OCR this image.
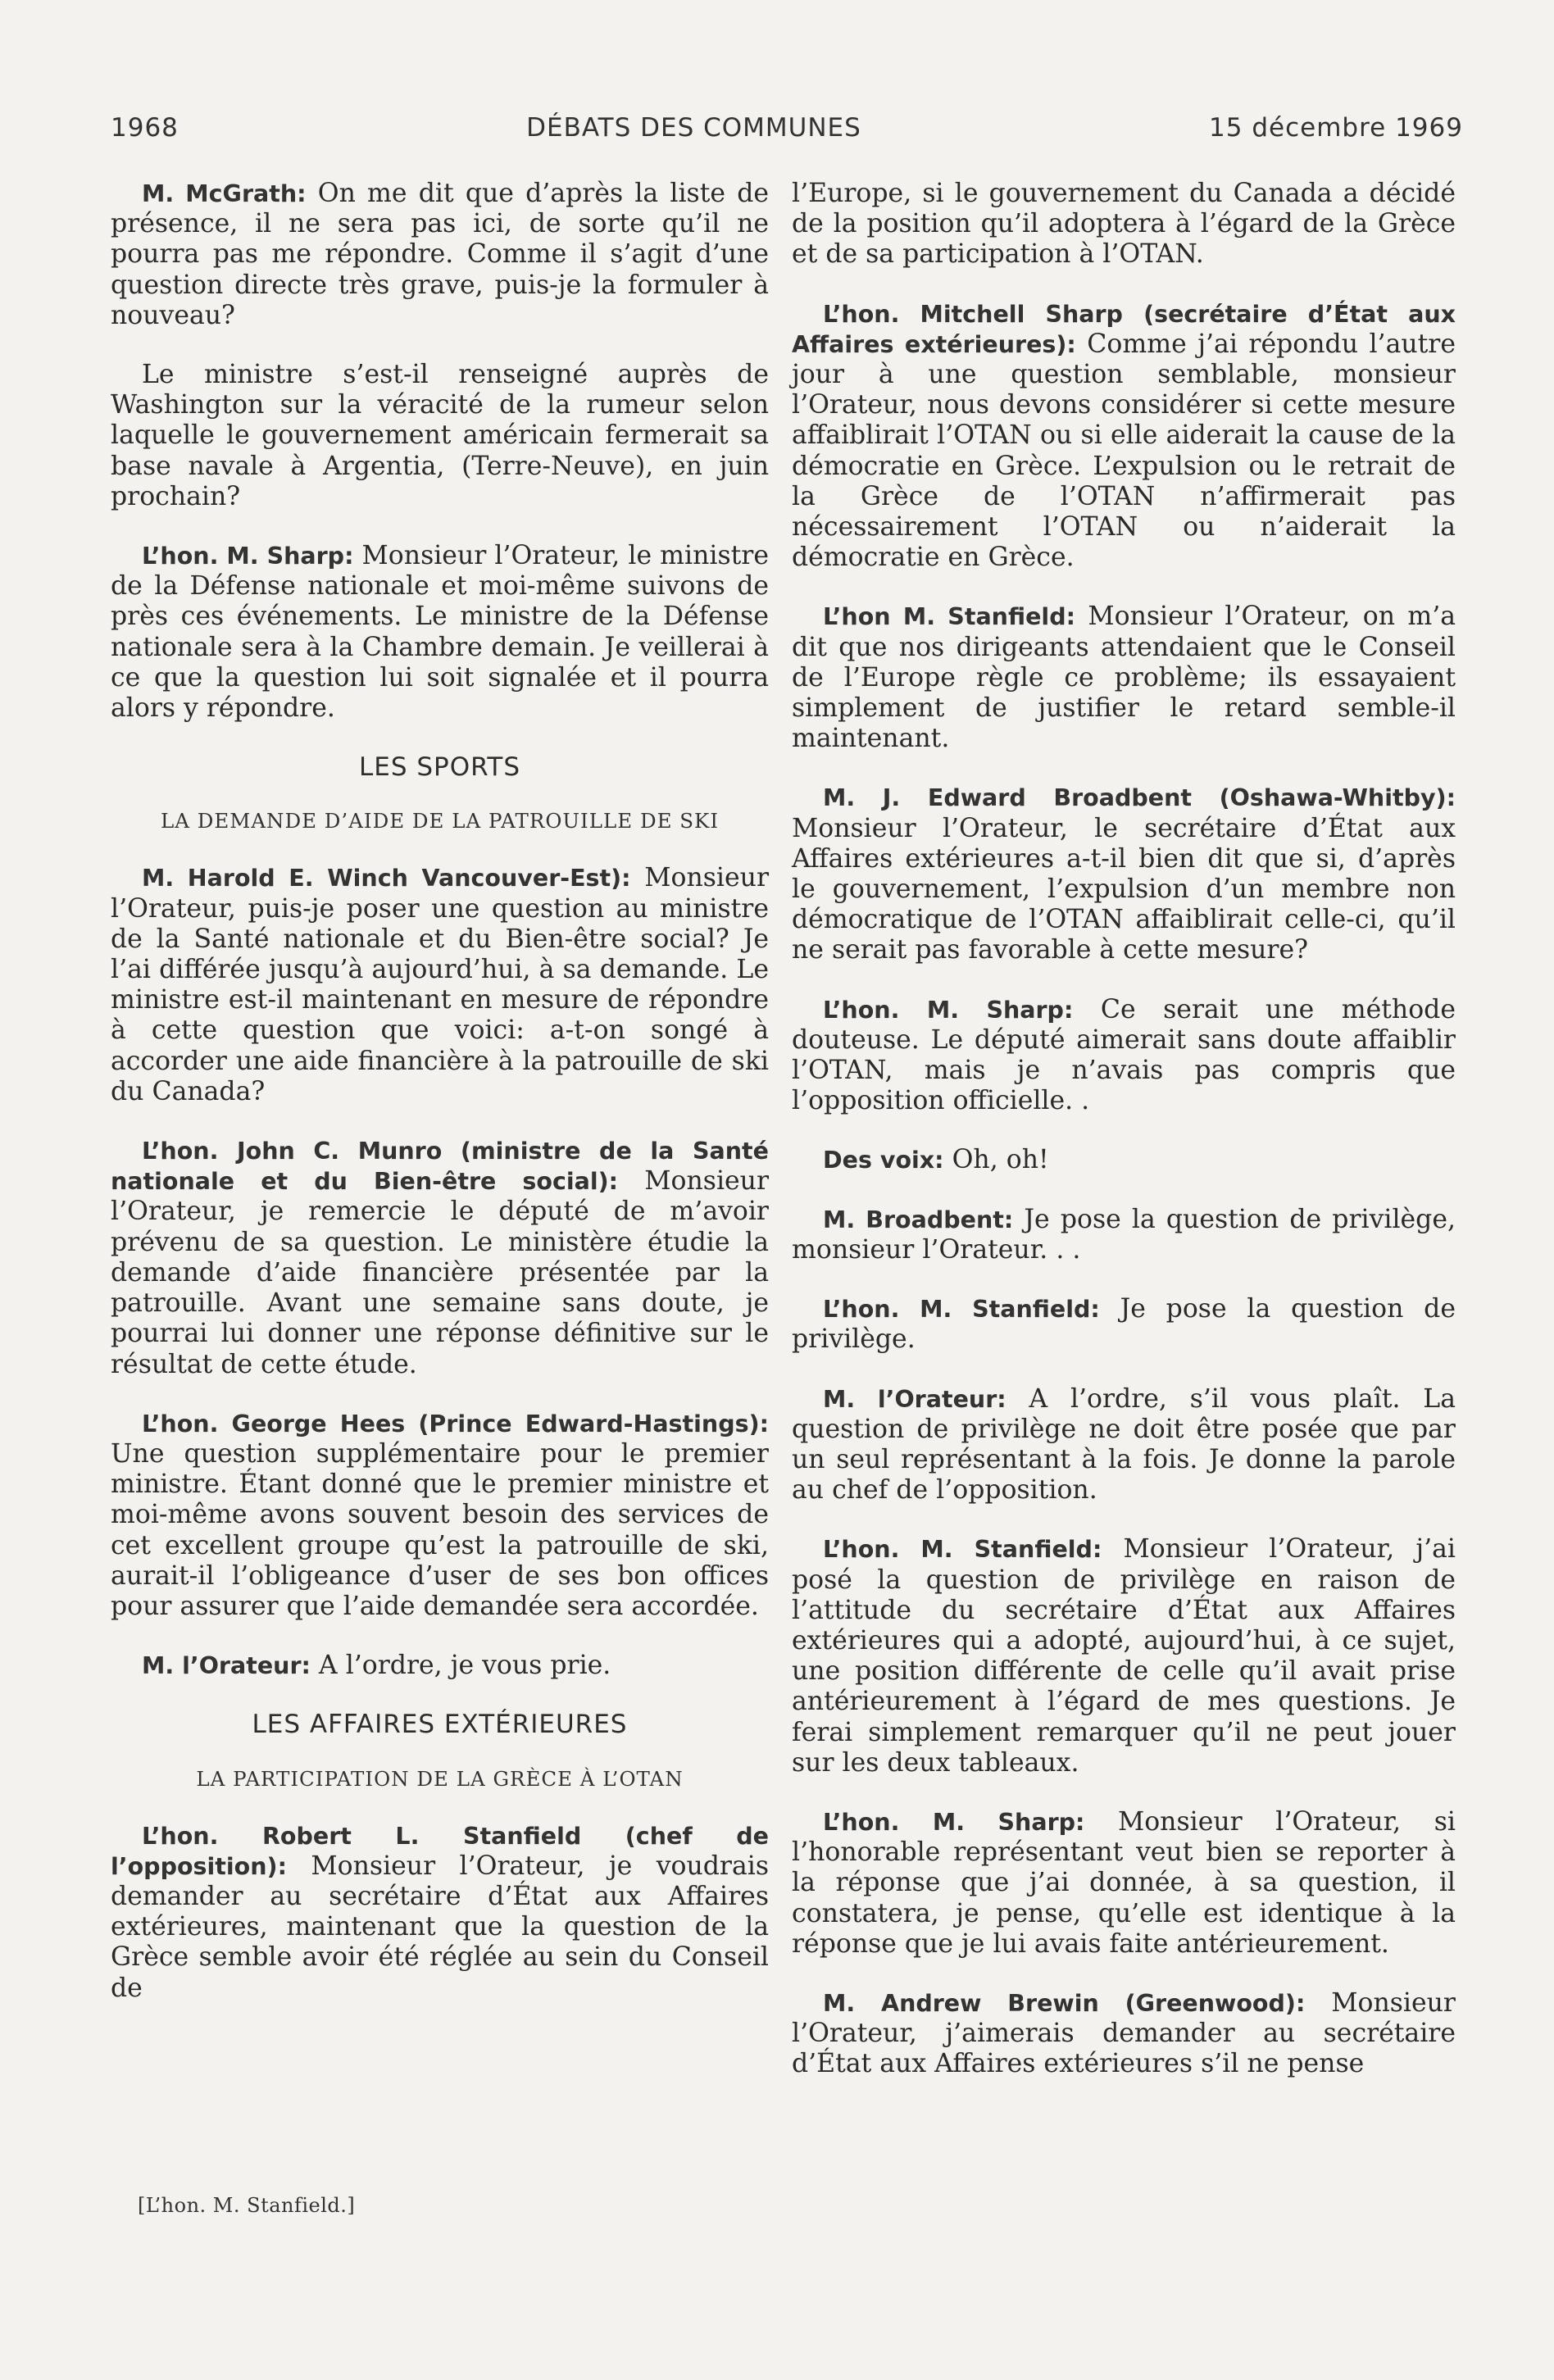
1968	DÉBATS DES COMMUNES	15 décembre 1969

M. McGrath: On me dit que d’après la liste de présence, il ne sera pas ici, de sorte qu’il ne pourra pas me répondre. Comme il s’agit d’une question directe très grave, puis-je la formuler à nouveau?

Le ministre s’est-il renseigné auprès de Washington sur la véracité de la rumeur selon laquelle le gouvernement américain fermerait sa base navale à Argentia, (Terre-Neuve), en juin prochain?

L’hon. M. Sharp: Monsieur l’Orateur, le ministre de la Défense nationale et moi-même suivons de près ces événements. Le ministre de la Défense nationale sera à la Chambre demain. Je veillerai à ce que la question lui soit signalée et il pourra alors y répondre.

LES SPORTS
LA DEMANDE D’AIDE DE LA PATROUILLE DE SKI

M. Harold E. Winch Vancouver-Est): Monsieur l’Orateur, puis-je poser une question au ministre de la Santé nationale et du Bien-être social? Je l’ai différée jusqu’à aujourd’hui, à sa demande. Le ministre est-il maintenant en mesure de répondre à cette question que voici: a-t-on songé à accorder une aide financière à la patrouille de ski du Canada?

L’hon. John C. Munro (ministre de la Santé nationale et du Bien-être social): Monsieur l’Orateur, je remercie le député de m’avoir prévenu de sa question. Le ministère étudie la demande d’aide financière présentée par la patrouille. Avant une semaine sans doute, je pourrai lui donner une réponse définitive sur le résultat de cette étude.

L’hon. George Hees (Prince Edward-Hastings): Une question supplémentaire pour le premier ministre. Étant donné que le premier ministre et moi-même avons souvent besoin des services de cet excellent groupe qu’est la patrouille de ski, aurait-il l’obligeance d’user de ses bon offices pour assurer que l’aide demandée sera accordée.

M. l’Orateur: A l’ordre, je vous prie.

LES AFFAIRES EXTÉRIEURES
LA PARTICIPATION DE LA GRÈCE À L’OTAN

L’hon. Robert L. Stanfield (chef de l’opposition): Monsieur l’Orateur, je voudrais demander au secrétaire d’État aux Affaires extérieures, maintenant que la question de la Grèce semble avoir été réglée au sein du Conseil de

l’Europe, si le gouvernement du Canada a décidé de la position qu’il adoptera à l’égard de la Grèce et de sa participation à l’OTAN.

L’hon. Mitchell Sharp (secrétaire d’État aux Affaires extérieures): Comme j’ai répondu l’autre jour à une question semblable, monsieur l’Orateur, nous devons considérer si cette mesure affaiblirait l’OTAN ou si elle aiderait la cause de la démocratie en Grèce. L’expulsion ou le retrait de la Grèce de l’OTAN n’affirmerait pas nécessairement l’OTAN ou n’aiderait la démocratie en Grèce.

L’hon M. Stanfield: Monsieur l’Orateur, on m’a dit que nos dirigeants attendaient que le Conseil de l’Europe règle ce problème; ils essayaient simplement de justifier le retard semble-il maintenant.

M. J. Edward Broadbent (Oshawa-Whitby): Monsieur l’Orateur, le secrétaire d’État aux Affaires extérieures a-t-il bien dit que si, d’après le gouvernement, l’expulsion d’un membre non démocratique de l’OTAN affaiblirait celle-ci, qu’il ne serait pas favorable à cette mesure?

L’hon. M. Sharp: Ce serait une méthode douteuse. Le député aimerait sans doute affaiblir l’OTAN, mais je n’avais pas compris que l’opposition officielle. .

Des voix: Oh, oh!

M. Broadbent: Je pose la question de privilège, monsieur l’Orateur. . .

L’hon. M. Stanfield: Je pose la question de privilège.

M. l’Orateur: A l’ordre, s’il vous plaît. La question de privilège ne doit être posée que par un seul représentant à la fois. Je donne la parole au chef de l’opposition.

L’hon. M. Stanfield: Monsieur l’Orateur, j’ai posé la question de privilège en raison de l’attitude du secrétaire d’État aux Affaires extérieures qui a adopté, aujourd’hui, à ce sujet, une position différente de celle qu’il avait prise antérieurement à l’égard de mes questions. Je ferai simplement remarquer qu’il ne peut jouer sur les deux tableaux.

L’hon. M. Sharp: Monsieur l’Orateur, si l’honorable représentant veut bien se reporter à la réponse que j’ai donnée, à sa question, il constatera, je pense, qu’elle est identique à la réponse que je lui avais faite antérieurement.

M. Andrew Brewin (Greenwood): Monsieur l’Orateur, j’aimerais demander au secrétaire d’État aux Affaires extérieures s’il ne pense

[L’hon. M. Stanfield.]
